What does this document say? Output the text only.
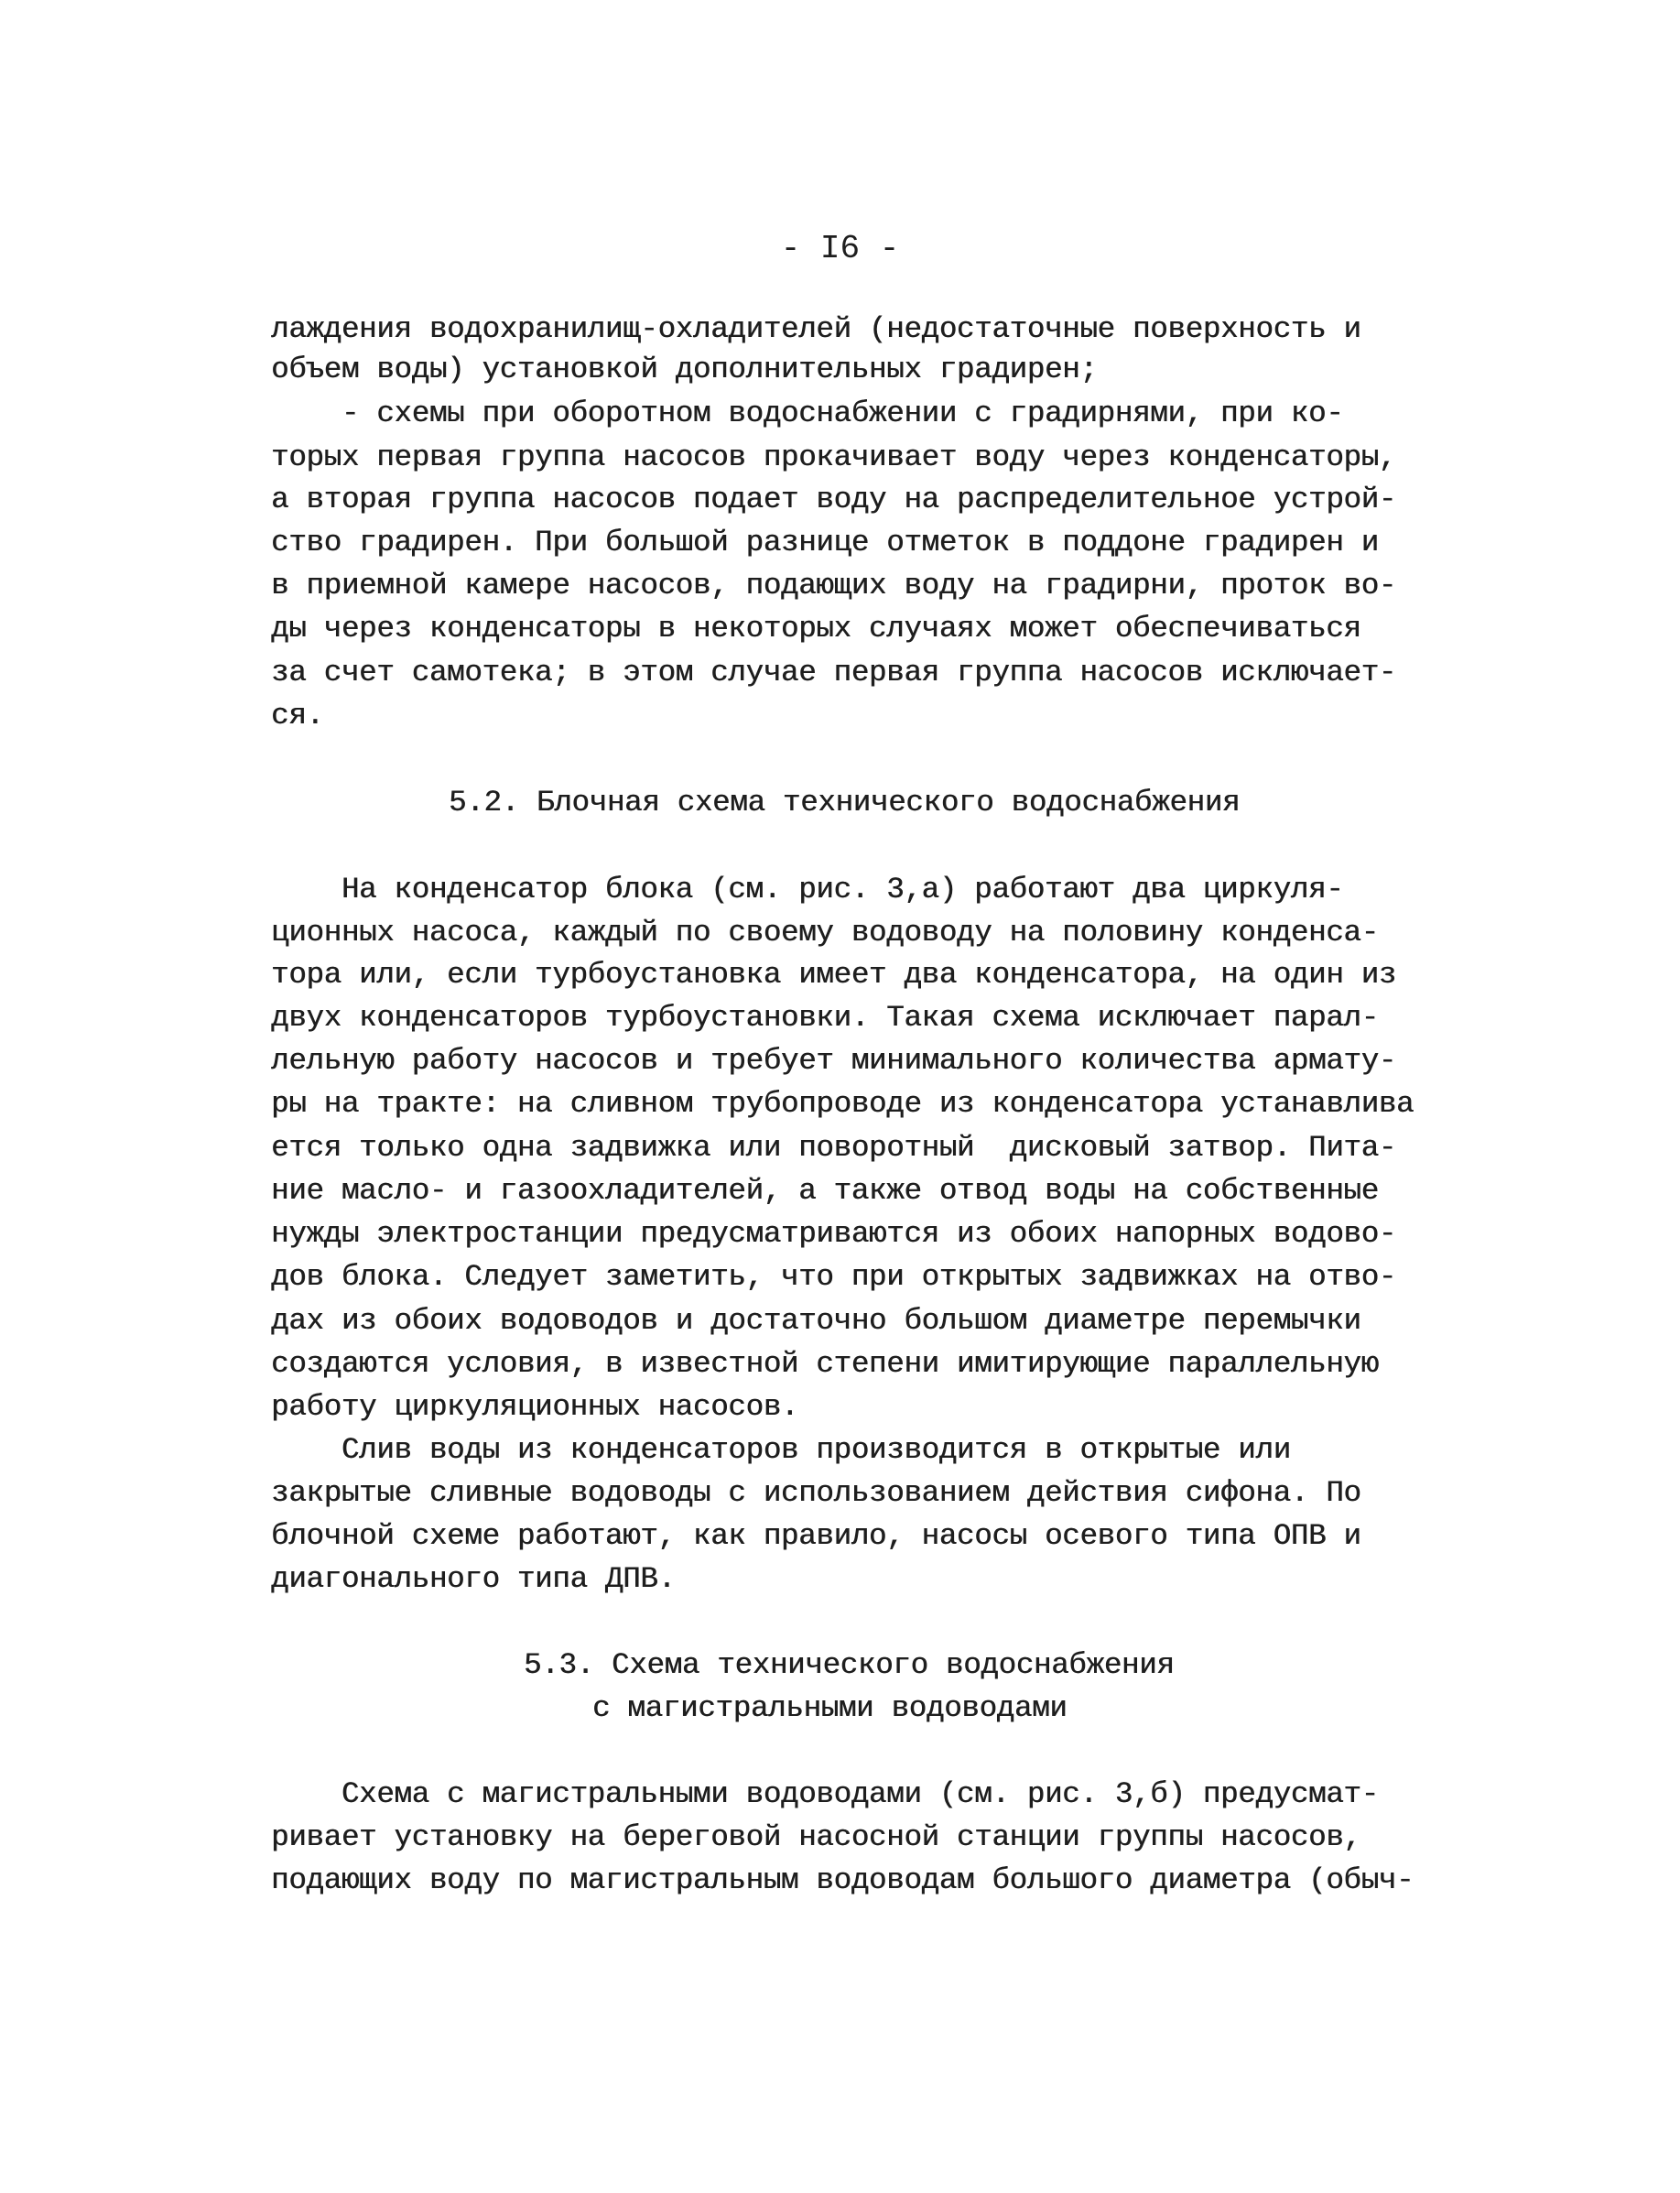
- I6 -
лаждения водохранилищ-охладителей (недостаточные поверхность и
объем воды) установкой дополнительных градирен;
- схемы при оборотном водоснабжении с градирнями, при ко-
торых первая группа насосов прокачивает воду через конденсаторы,
а вторая группа насосов подает воду на распределительное устрой-
ство градирен. При большой разнице отметок в поддоне градирен и
в приемной камере насосов, подающих воду на градирни, проток во-
ды через конденсаторы в некоторых случаях может обеспечиваться
за счет самотека; в этом случае первая группа насосов исключает-
ся.
5.2. Блочная схема технического водоснабжения
На конденсатор блока (см. рис. 3,а) работают два циркуля-
ционных насоса, каждый по своему водоводу на половину конденса-
тора или, если турбоустановка имеет два конденсатора, на один из
двух конденсаторов турбоустановки. Такая схема исключает парал-
лельную работу насосов и требует минимального количества армату-
ры на тракте: на сливном трубопроводе из конденсатора устанавлива
ется только одна задвижка или поворотный  дисковый затвор. Пита-
ние масло- и газоохладителей, а также отвод воды на собственные
нужды электростанции предусматриваются из обоих напорных водово-
дов блока. Следует заметить, что при открытых задвижках на отво-
дах из обоих водоводов и достаточно большом диаметре перемычки
создаются условия, в известной степени имитирующие параллельную
работу циркуляционных насосов.
Слив воды из конденсаторов производится в открытые или
закрытые сливные водоводы с использованием действия сифона. По
блочной схеме работают, как правило, насосы осевого типа ОПВ и
диагонального типа ДПВ.
5.3. Схема технического водоснабжения
с магистральными водоводами
Схема с магистральными водоводами (см. рис. 3,б) предусмат-
ривает установку на береговой насосной станции группы насосов,
подающих воду по магистральным водоводам большого диаметра (обыч-
